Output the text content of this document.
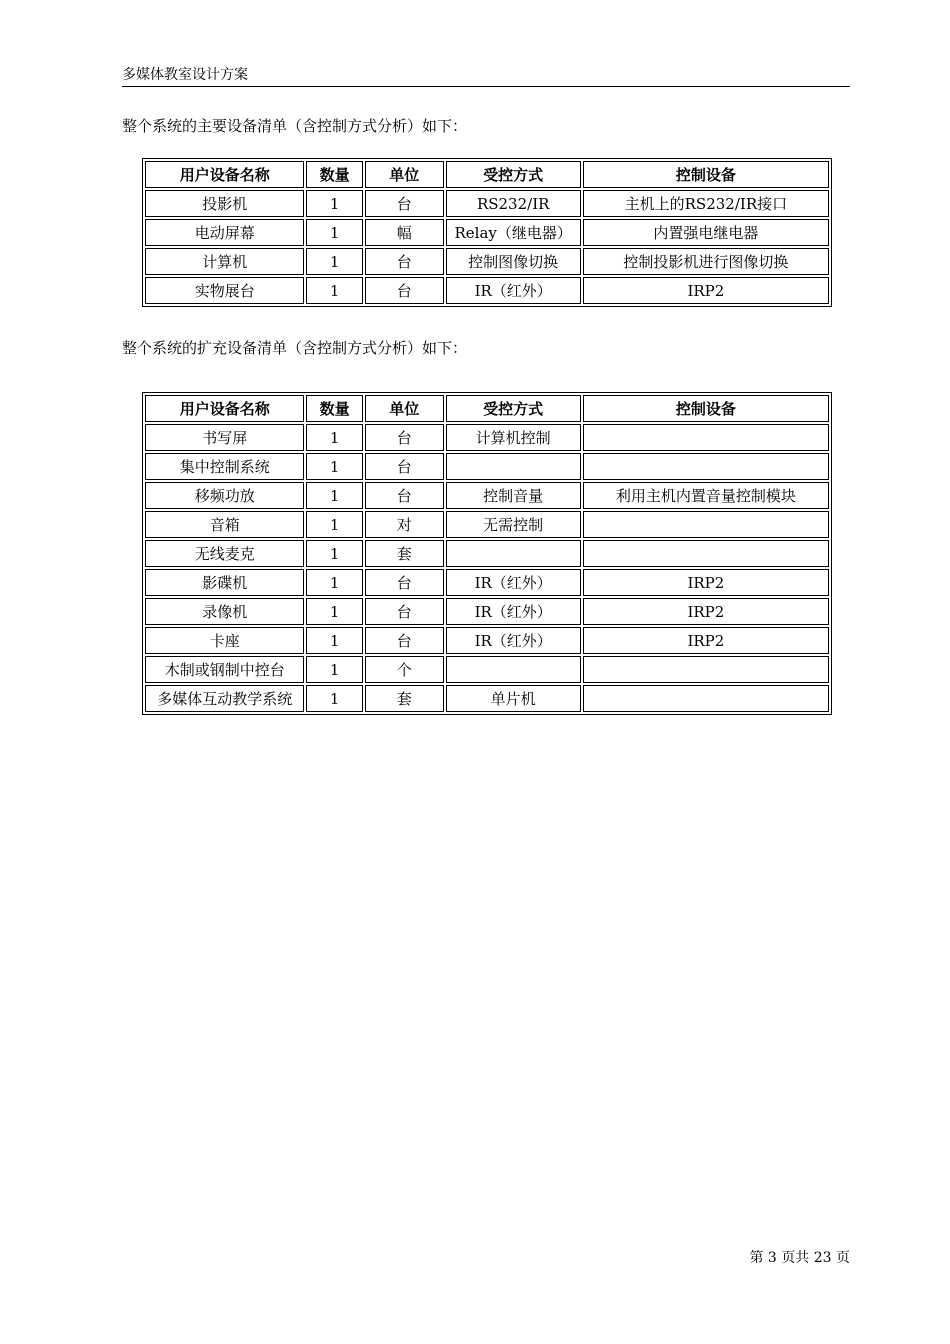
多媒体教室设计方案
整个系统的主要设备清单（含控制方式分析）如下：
用户设备名称	数量	单位	受控方式	控制设备
投影机	1	台	RS232/IR	主机上的RS232/IR接口
电动屏幕	1	幅	Relay（继电器）	内置强电继电器
计算机	1	台	控制图像切换	控制投影机进行图像切换
实物展台	1	台	IR（红外）	IRP2
整个系统的扩充设备清单（含控制方式分析）如下：
用户设备名称	数量	单位	受控方式	控制设备
书写屏	1	台	计算机控制	
集中控制系统	1	台		
移频功放	1	台	控制音量	利用主机内置音量控制模块
音箱	1	对	无需控制	
无线麦克	1	套		
影碟机	1	台	IR（红外）	IRP2
录像机	1	台	IR（红外）	IRP2
卡座	1	台	IR（红外）	IRP2
木制或钢制中控台	1	个		
多媒体互动教学系统	1	套	单片机	
第 3 页共 23 页
